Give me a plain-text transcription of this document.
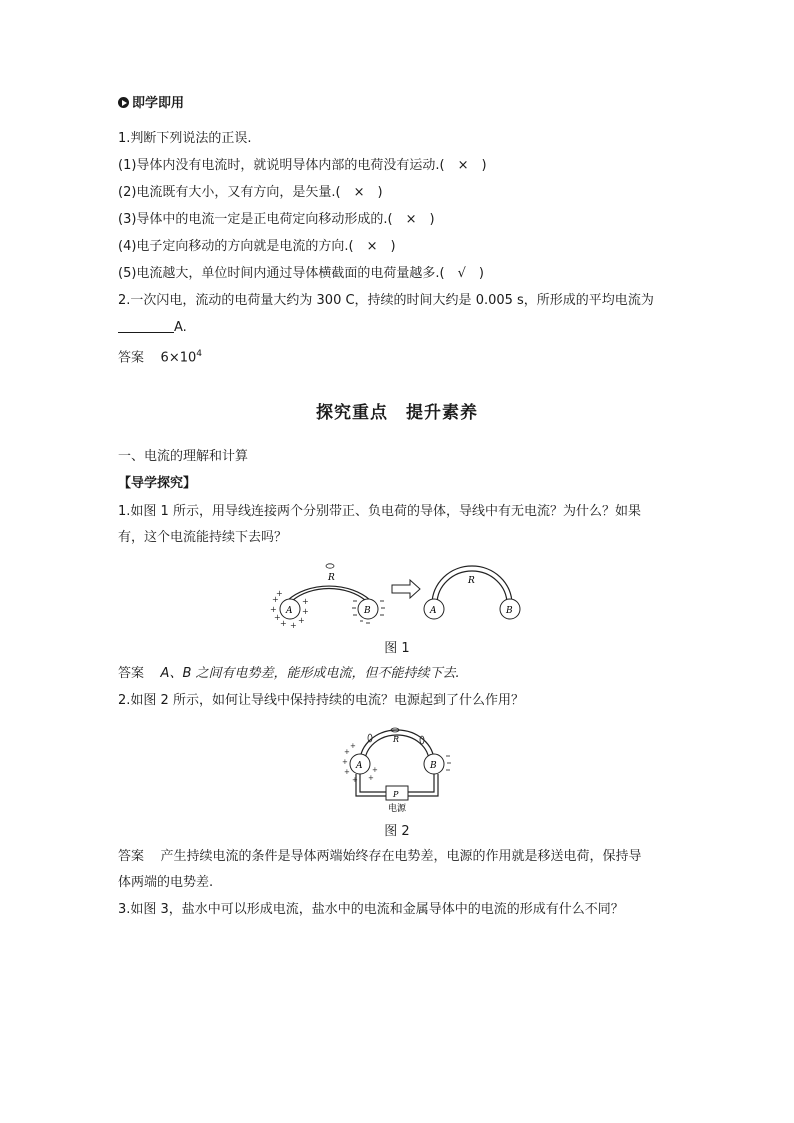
即学即用
1.判断下列说法的正误.
(1)导体内没有电流时，就说明导体内部的电荷没有运动.(　×　)
(2)电流既有大小，又有方向，是矢量.(　×　)
(3)导体中的电流一定是正电荷定向移动形成的.(　×　)
(4)电子定向移动的方向就是电流的方向.(　×　)
(5)电流越大，单位时间内通过导体横截面的电荷量越多.(　√　)
2.一次闪电，流动的电荷量大约为 300 C，持续的时间大约是 0.005 s，所形成的平均电流为
A.
答案 $6\times 10^4$
探究重点　提升素养
一、电流的理解和计算
【导学探究】
1.如图 1 所示，用导线连接两个分别带正、负电荷的导体，导线中有无电流？为什么？如果
有，这个电流能持续下去吗？
R
A
+
+
+
+ +
+
+
+
+
B
R
A	B
图 1
答案 A、B 之间有电势差，能形成电流，但不能持续下去.
2.如图 2 所示，如何让导线中保持持续的电流？电源起到了什么作用？
R
A
+
+
+
+ +
+
+
B
P
电源
图 2
答案 产生持续电流的条件是导体两端始终存在电势差，电源的作用就是移送电荷，保持导
体两端的电势差.
3.如图 3，盐水中可以形成电流，盐水中的电流和金属导体中的电流的形成有什么不同？
